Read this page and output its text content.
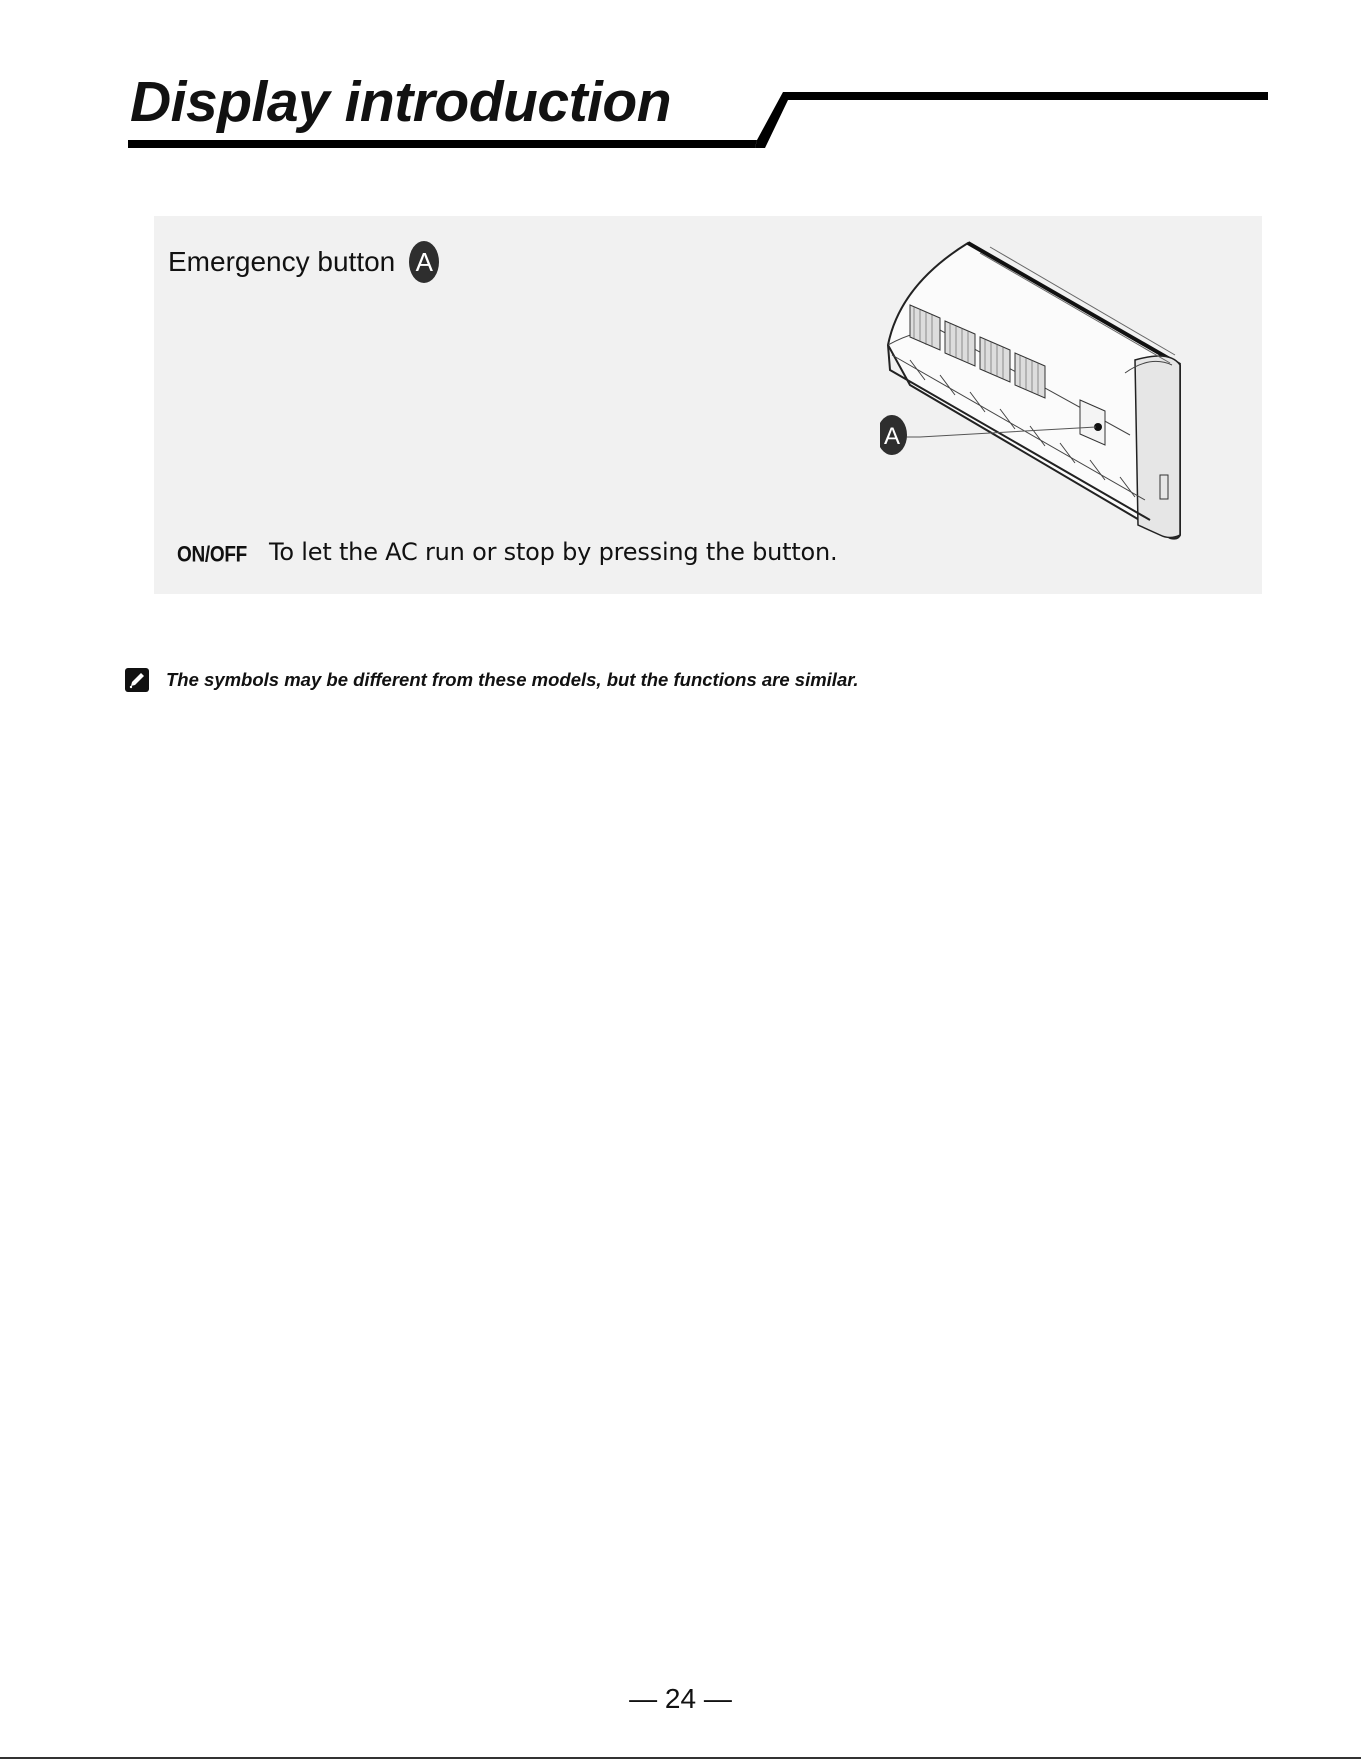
Display introduction
Emergency button A
A
ON/OFF To let the AC run or stop by pressing the button.
The symbols may be different from these models, but the functions are similar.
— 24 —
